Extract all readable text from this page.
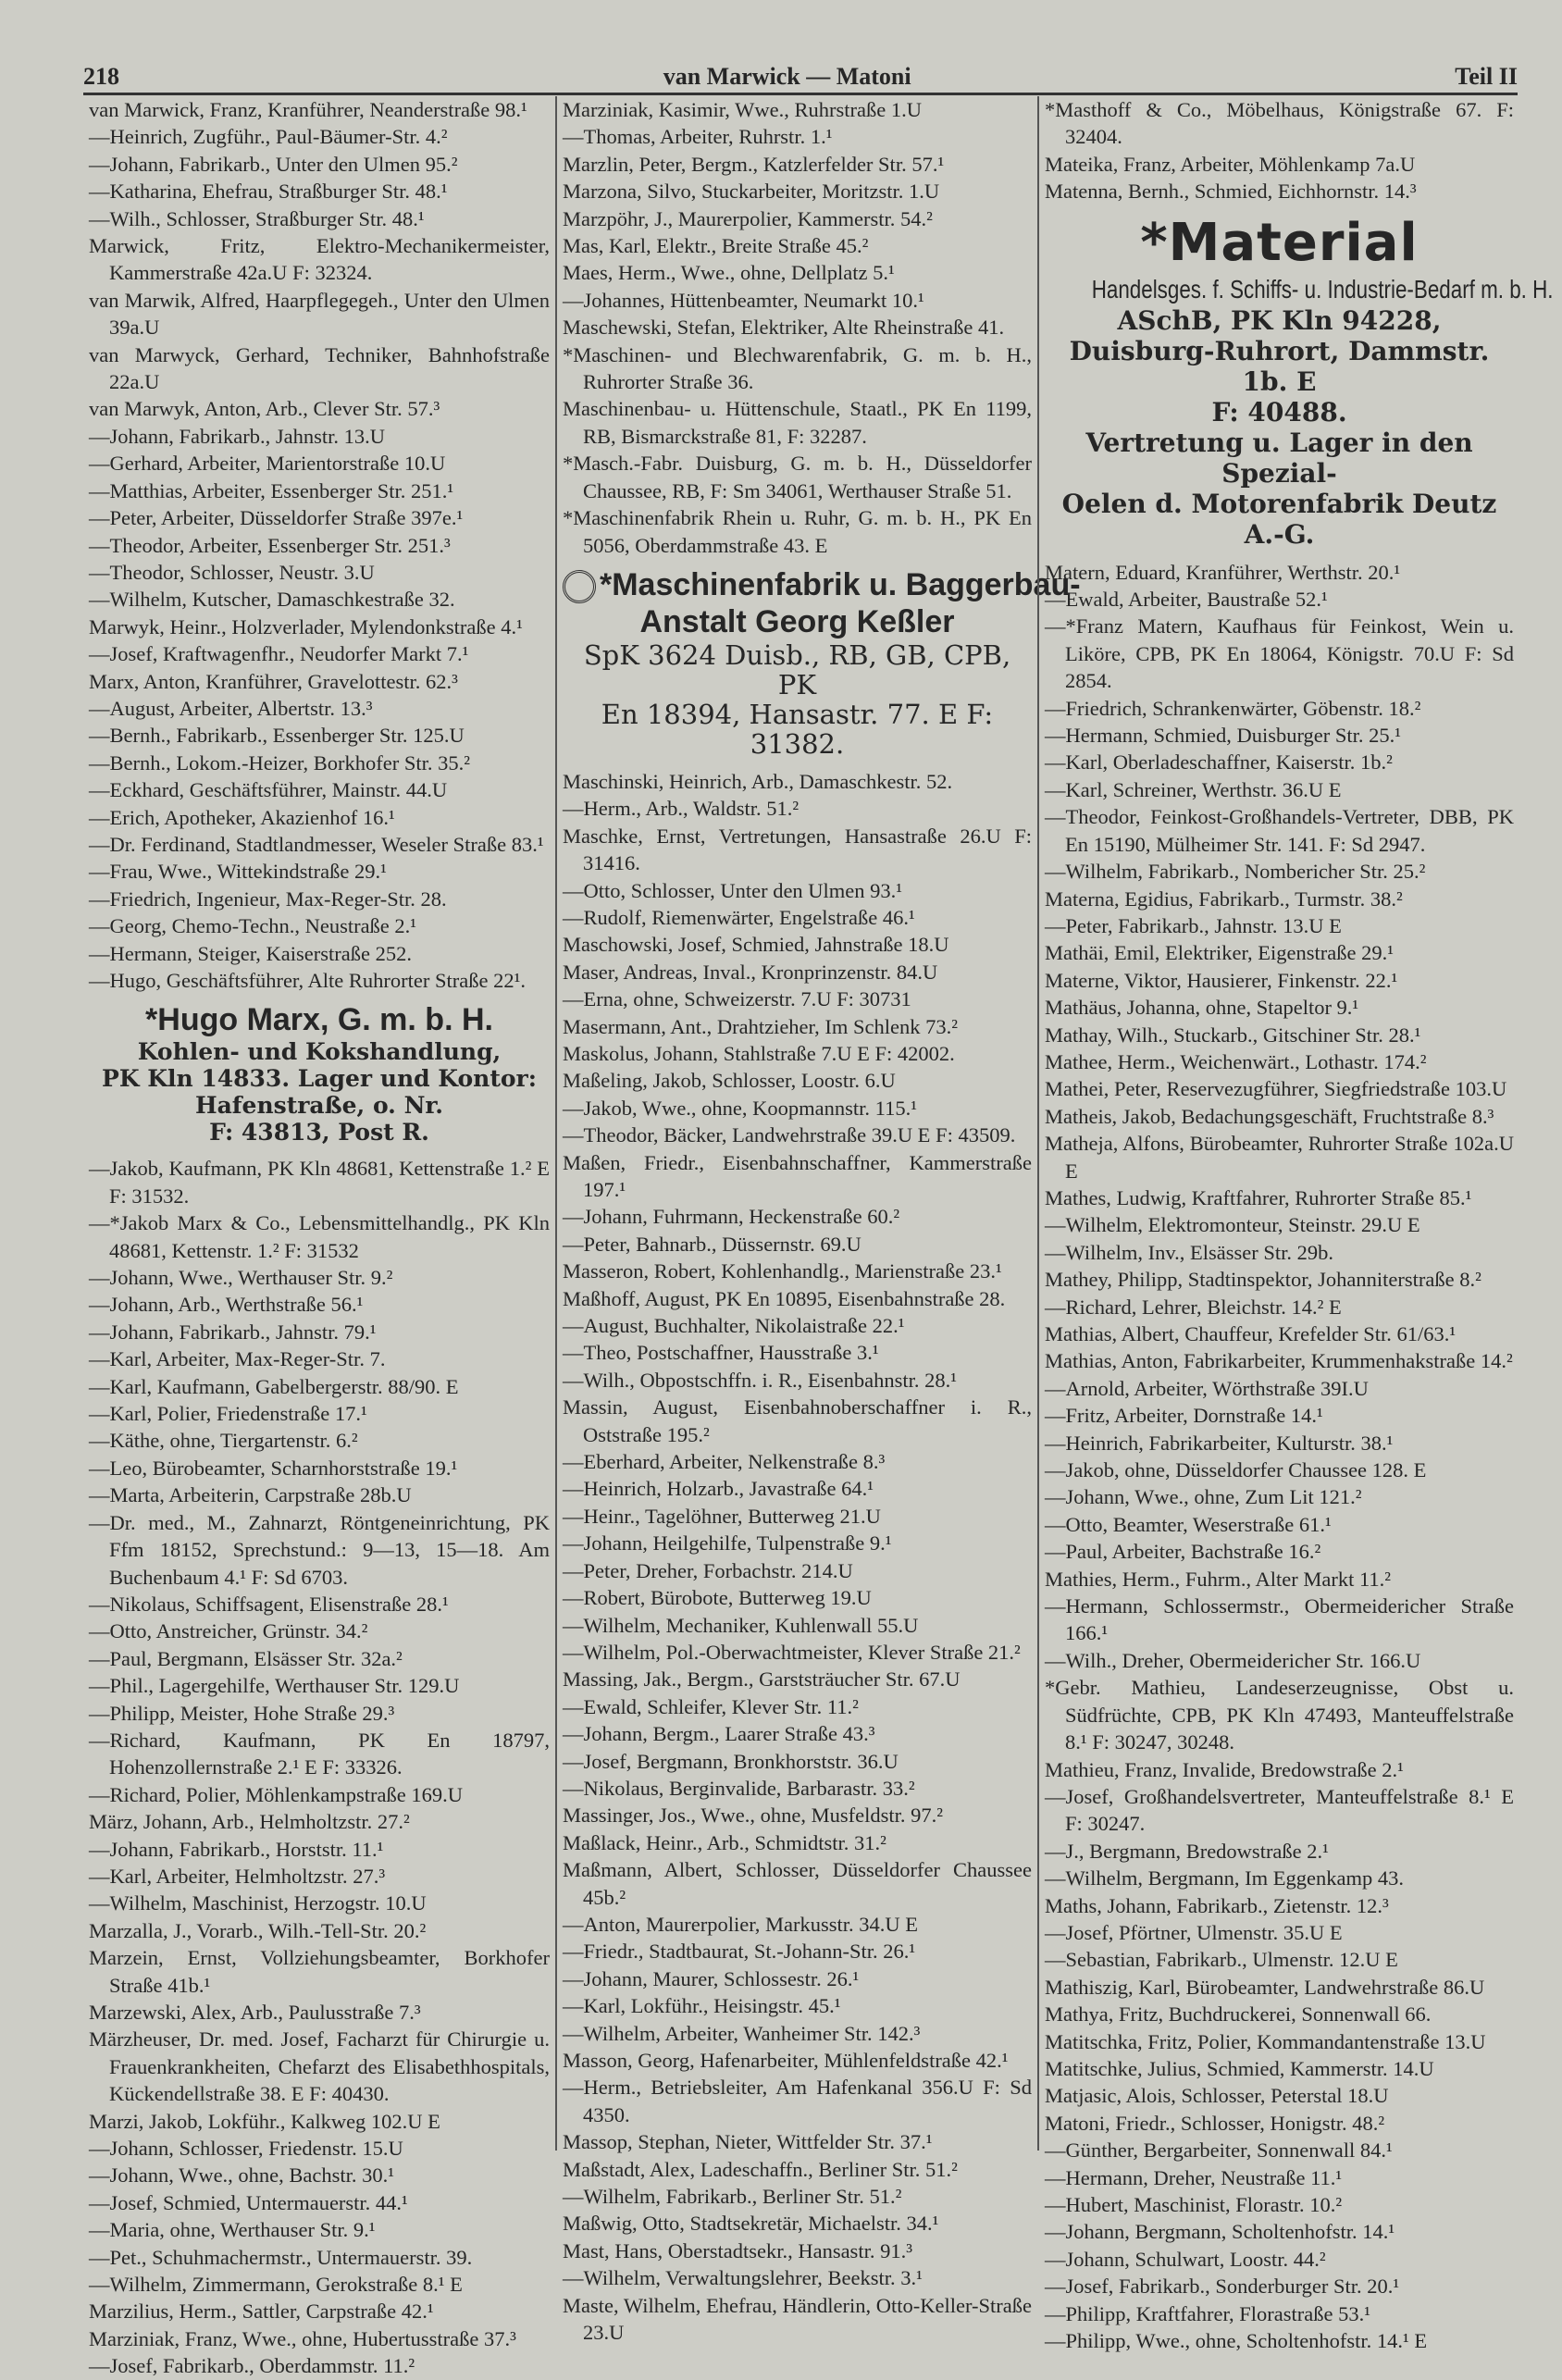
218	van Marwick — Matoni	Teil II
van Marwick, Franz, Kranführer, Neanderstraße 98.¹
—Heinrich, Zugführ., Paul-Bäumer-Str. 4.²
—Johann, Fabrikarb., Unter den Ulmen 95.²
—Katharina, Ehefrau, Straßburger Str. 48.¹
—Wilh., Schlosser, Straßburger Str. 48.¹
Marwick, Fritz, Elektro-Mechanikermeister, Kammerstraße 42a.U F: 32324.
van Marwik, Alfred, Haarpflegegeh., Unter den Ulmen 39a.U
van Marwyck, Gerhard, Techniker, Bahnhofstraße 22a.U
van Marwyk, Anton, Arb., Clever Str. 57.³
—Johann, Fabrikarb., Jahnstr. 13.U
—Gerhard, Arbeiter, Marientorstraße 10.U
—Matthias, Arbeiter, Essenberger Str. 251.¹
—Peter, Arbeiter, Düsseldorfer Straße 397e.¹
—Theodor, Arbeiter, Essenberger Str. 251.³
—Theodor, Schlosser, Neustr. 3.U
—Wilhelm, Kutscher, Damaschkestraße 32.
Marwyk, Heinr., Holzverlader, Mylendonkstraße 4.¹
—Josef, Kraftwagenfhr., Neudorfer Markt 7.¹
Marx, Anton, Kranführer, Gravelottestr. 62.³
—August, Arbeiter, Albertstr. 13.³
—Bernh., Fabrikarb., Essenberger Str. 125.U
—Bernh., Lokom.-Heizer, Borkhofer Str. 35.²
—Eckhard, Geschäftsführer, Mainstr. 44.U
—Erich, Apotheker, Akazienhof 16.¹
—Dr. Ferdinand, Stadtlandmesser, Weseler Straße 83.¹
—Frau, Wwe., Wittekindstraße 29.¹
—Friedrich, Ingenieur, Max-Reger-Str. 28.
—Georg, Chemo-Techn., Neustraße 2.¹
—Hermann, Steiger, Kaiserstraße 252.
—Hugo, Geschäftsführer, Alte Ruhrorter Straße 22¹.
*Hugo Marx, G. m. b. H.
Kohlen- und Kokshandlung,
PK Kln 14833. Lager und Kontor:
Hafenstraße, o. Nr.
F: 43813, Post R.
—Jakob, Kaufmann, PK Kln 48681, Kettenstraße 1.² E F: 31532.
—*Jakob Marx & Co., Lebensmittelhandlg., PK Kln 48681, Kettenstr. 1.² F: 31532
—Johann, Wwe., Werthauser Str. 9.²
—Johann, Arb., Werthstraße 56.¹
—Johann, Fabrikarb., Jahnstr. 79.¹
—Karl, Arbeiter, Max-Reger-Str. 7.
—Karl, Kaufmann, Gabelbergerstr. 88/90. E
—Karl, Polier, Friedenstraße 17.¹
—Käthe, ohne, Tiergartenstr. 6.²
—Leo, Bürobeamter, Scharnhorststraße 19.¹
—Marta, Arbeiterin, Carpstraße 28b.U
—Dr. med., M., Zahnarzt, Röntgeneinrichtung, PK Ffm 18152, Sprechstund.: 9—13, 15—18. Am Buchenbaum 4.¹ F: Sd 6703.
—Nikolaus, Schiffsagent, Elisenstraße 28.¹
—Otto, Anstreicher, Grünstr. 34.²
—Paul, Bergmann, Elsässer Str. 32a.²
—Phil., Lagergehilfe, Werthauser Str. 129.U
—Philipp, Meister, Hohe Straße 29.³
—Richard, Kaufmann, PK En 18797, Hohenzollernstraße 2.¹ E F: 33326.
—Richard, Polier, Möhlenkampstraße 169.U
März, Johann, Arb., Helmholtzstr. 27.²
—Johann, Fabrikarb., Horststr. 11.¹
—Karl, Arbeiter, Helmholtzstr. 27.³
—Wilhelm, Maschinist, Herzogstr. 10.U
Marzalla, J., Vorarb., Wilh.-Tell-Str. 20.²
Marzein, Ernst, Vollziehungsbeamter, Borkhofer Straße 41b.¹
Marzewski, Alex, Arb., Paulusstraße 7.³
Märzheuser, Dr. med. Josef, Facharzt für Chirurgie u. Frauenkrankheiten, Chefarzt des Elisabethhospitals, Kückendellstraße 38. E F: 40430.
Marzi, Jakob, Lokführ., Kalkweg 102.U E
—Johann, Schlosser, Friedenstr. 15.U
—Johann, Wwe., ohne, Bachstr. 30.¹
—Josef, Schmied, Untermauerstr. 44.¹
—Maria, ohne, Werthauser Str. 9.¹
—Pet., Schuhmachermstr., Untermauerstr. 39.
—Wilhelm, Zimmermann, Gerokstraße 8.¹ E
Marzilius, Herm., Sattler, Carpstraße 42.¹
Marziniak, Franz, Wwe., ohne, Hubertusstraße 37.³
—Josef, Fabrikarb., Oberdammstr. 11.²
Marziniak, Kasimir, Wwe., Ruhrstraße 1.U
—Thomas, Arbeiter, Ruhrstr. 1.¹
Marzlin, Peter, Bergm., Katzlerfelder Str. 57.¹
Marzona, Silvo, Stuckarbeiter, Moritzstr. 1.U
Marzpöhr, J., Maurerpolier, Kammerstr. 54.²
Mas, Karl, Elektr., Breite Straße 45.²
Maes, Herm., Wwe., ohne, Dellplatz 5.¹
—Johannes, Hüttenbeamter, Neumarkt 10.¹
Maschewski, Stefan, Elektriker, Alte Rheinstraße 41.
*Maschinen- und Blechwarenfabrik, G. m. b. H., Ruhrorter Straße 36.
Maschinenbau- u. Hüttenschule, Staatl., PK En 1199, RB, Bismarckstraße 81, F: 32287.
*Masch.-Fabr. Duisburg, G. m. b. H., Düsseldorfer Chaussee, RB, F: Sm 34061, Werthauser Straße 51.
*Maschinenfabrik Rhein u. Ruhr, G. m. b. H., PK En 5056, Oberdammstraße 43. E
*Maschinenfabrik u. Baggerbau-
Anstalt Georg Keßler
SpK 3624 Duisb., RB, GB, CPB, PK
En 18394, Hansastr. 77. E F: 31382.
Maschinski, Heinrich, Arb., Damaschkestr. 52.
—Herm., Arb., Waldstr. 51.²
Maschke, Ernst, Vertretungen, Hansastraße 26.U F: 31416.
—Otto, Schlosser, Unter den Ulmen 93.¹
—Rudolf, Riemenwärter, Engelstraße 46.¹
Maschowski, Josef, Schmied, Jahnstraße 18.U
Maser, Andreas, Inval., Kronprinzenstr. 84.U
—Erna, ohne, Schweizerstr. 7.U F: 30731
Masermann, Ant., Drahtzieher, Im Schlenk 73.²
Maskolus, Johann, Stahlstraße 7.U E F: 42002.
Maßeling, Jakob, Schlosser, Loostr. 6.U
—Jakob, Wwe., ohne, Koopmannstr. 115.¹
—Theodor, Bäcker, Landwehrstraße 39.U E F: 43509.
Maßen, Friedr., Eisenbahnschaffner, Kammerstraße 197.¹
—Johann, Fuhrmann, Heckenstraße 60.²
—Peter, Bahnarb., Düssernstr. 69.U
Masseron, Robert, Kohlenhandlg., Marienstraße 23.¹
Maßhoff, August, PK En 10895, Eisenbahnstraße 28.
—August, Buchhalter, Nikolaistraße 22.¹
—Theo, Postschaffner, Hausstraße 3.¹
—Wilh., Obpostschffn. i. R., Eisenbahnstr. 28.¹
Massin, August, Eisenbahnoberschaffner i. R., Oststraße 195.²
—Eberhard, Arbeiter, Nelkenstraße 8.³
—Heinrich, Holzarb., Javastraße 64.¹
—Heinr., Tagelöhner, Butterweg 21.U
—Johann, Heilgehilfe, Tulpenstraße 9.¹
—Peter, Dreher, Forbachstr. 214.U
—Robert, Bürobote, Butterweg 19.U
—Wilhelm, Mechaniker, Kuhlenwall 55.U
—Wilhelm, Pol.-Oberwachtmeister, Klever Straße 21.²
Massing, Jak., Bergm., Garststräucher Str. 67.U
—Ewald, Schleifer, Klever Str. 11.²
—Johann, Bergm., Laarer Straße 43.³
—Josef, Bergmann, Bronkhorststr. 36.U
—Nikolaus, Berginvalide, Barbarastr. 33.²
Massinger, Jos., Wwe., ohne, Musfeldstr. 97.²
Maßlack, Heinr., Arb., Schmidtstr. 31.²
Maßmann, Albert, Schlosser, Düsseldorfer Chaussee 45b.²
—Anton, Maurerpolier, Markusstr. 34.U E
—Friedr., Stadtbaurat, St.-Johann-Str. 26.¹
—Johann, Maurer, Schlossestr. 26.¹
—Karl, Lokführ., Heisingstr. 45.¹
—Wilhelm, Arbeiter, Wanheimer Str. 142.³
Masson, Georg, Hafenarbeiter, Mühlenfeldstraße 42.¹
—Herm., Betriebsleiter, Am Hafenkanal 356.U F: Sd 4350.
Massop, Stephan, Nieter, Wittfelder Str. 37.¹
Maßstadt, Alex, Ladeschaffn., Berliner Str. 51.²
—Wilhelm, Fabrikarb., Berliner Str. 51.²
Maßwig, Otto, Stadtsekretär, Michaelstr. 34.¹
Mast, Hans, Oberstadtsekr., Hansastr. 91.³
—Wilhelm, Verwaltungslehrer, Beekstr. 3.¹
Maste, Wilhelm, Ehefrau, Händlerin, Otto-Keller-Straße 23.U
*Masthoff & Co., Möbelhaus, Königstraße 67. F: 32404.
Mateika, Franz, Arbeiter, Möhlenkamp 7a.U
Matenna, Bernh., Schmied, Eichhornstr. 14.³
*Material
Handelsges. f. Schiffs- u. Industrie-Bedarf m. b. H.
ASchB, PK Kln 94228,
Duisburg-Ruhrort, Dammstr. 1b. E
F: 40488.
Vertretung u. Lager in den Spezial-
Oelen d. Motorenfabrik Deutz A.-G.
Matern, Eduard, Kranführer, Werthstr. 20.¹
—Ewald, Arbeiter, Baustraße 52.¹
—*Franz Matern, Kaufhaus für Feinkost, Wein u. Liköre, CPB, PK En 18064, Königstr. 70.U F: Sd 2854.
—Friedrich, Schrankenwärter, Göbenstr. 18.²
—Hermann, Schmied, Duisburger Str. 25.¹
—Karl, Oberladeschaffner, Kaiserstr. 1b.²
—Karl, Schreiner, Werthstr. 36.U E
—Theodor, Feinkost-Großhandels-Vertreter, DBB, PK En 15190, Mülheimer Str. 141. F: Sd 2947.
—Wilhelm, Fabrikarb., Nombericher Str. 25.²
Materna, Egidius, Fabrikarb., Turmstr. 38.²
—Peter, Fabrikarb., Jahnstr. 13.U E
Mathäi, Emil, Elektriker, Eigenstraße 29.¹
Materne, Viktor, Hausierer, Finkenstr. 22.¹
Mathäus, Johanna, ohne, Stapeltor 9.¹
Mathay, Wilh., Stuckarb., Gitschiner Str. 28.¹
Mathee, Herm., Weichenwärt., Lothastr. 174.²
Mathei, Peter, Reservezugführer, Siegfriedstraße 103.U
Matheis, Jakob, Bedachungsgeschäft, Fruchtstraße 8.³
Matheja, Alfons, Bürobeamter, Ruhrorter Straße 102a.U E
Mathes, Ludwig, Kraftfahrer, Ruhrorter Straße 85.¹
—Wilhelm, Elektromonteur, Steinstr. 29.U E
—Wilhelm, Inv., Elsässer Str. 29b.
Mathey, Philipp, Stadtinspektor, Johanniterstraße 8.²
—Richard, Lehrer, Bleichstr. 14.² E
Mathias, Albert, Chauffeur, Krefelder Str. 61/63.¹
Mathias, Anton, Fabrikarbeiter, Krummenhakstraße 14.²
—Arnold, Arbeiter, Wörthstraße 39I.U
—Fritz, Arbeiter, Dornstraße 14.¹
—Heinrich, Fabrikarbeiter, Kulturstr. 38.¹
—Jakob, ohne, Düsseldorfer Chaussee 128. E
—Johann, Wwe., ohne, Zum Lit 121.²
—Otto, Beamter, Weserstraße 61.¹
—Paul, Arbeiter, Bachstraße 16.²
Mathies, Herm., Fuhrm., Alter Markt 11.²
—Hermann, Schlossermstr., Obermeidericher Straße 166.¹
—Wilh., Dreher, Obermeidericher Str. 166.U
*Gebr. Mathieu, Landeserzeugnisse, Obst u. Südfrüchte, CPB, PK Kln 47493, Manteuffelstraße 8.¹ F: 30247, 30248.
Mathieu, Franz, Invalide, Bredowstraße 2.¹
—Josef, Großhandelsvertreter, Manteuffelstraße 8.¹ E F: 30247.
—J., Bergmann, Bredowstraße 2.¹
—Wilhelm, Bergmann, Im Eggenkamp 43.
Maths, Johann, Fabrikarb., Zietenstr. 12.³
—Josef, Pförtner, Ulmenstr. 35.U E
—Sebastian, Fabrikarb., Ulmenstr. 12.U E
Mathiszig, Karl, Bürobeamter, Landwehrstraße 86.U
Mathya, Fritz, Buchdruckerei, Sonnenwall 66.
Matitschka, Fritz, Polier, Kommandantenstraße 13.U
Matitschke, Julius, Schmied, Kammerstr. 14.U
Matjasic, Alois, Schlosser, Peterstal 18.U
Matoni, Friedr., Schlosser, Honigstr. 48.²
—Günther, Bergarbeiter, Sonnenwall 84.¹
—Hermann, Dreher, Neustraße 11.¹
—Hubert, Maschinist, Florastr. 10.²
—Johann, Bergmann, Scholtenhofstr. 14.¹
—Johann, Schulwart, Loostr. 44.²
—Josef, Fabrikarb., Sonderburger Str. 20.¹
—Philipp, Kraftfahrer, Florastraße 53.¹
—Philipp, Wwe., ohne, Scholtenhofstr. 14.¹ E
